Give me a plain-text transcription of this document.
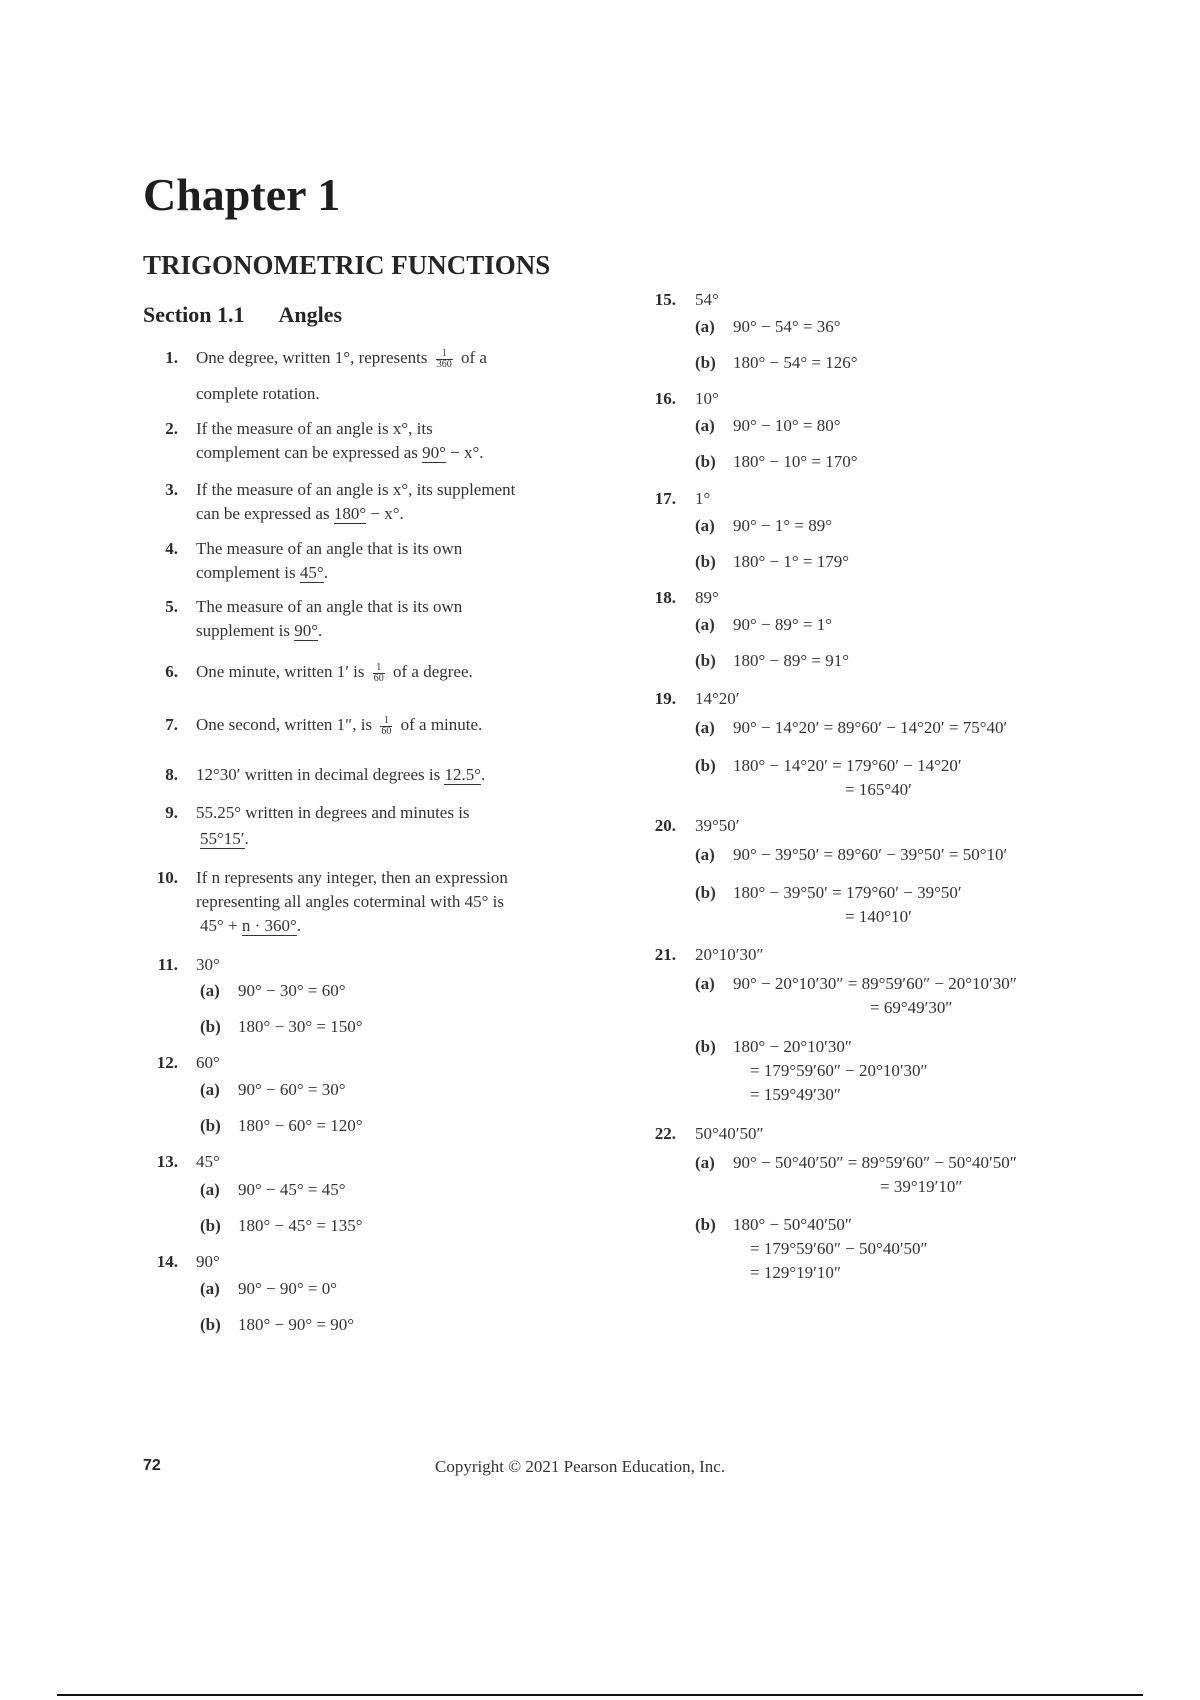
Chapter 1
TRIGONOMETRIC FUNCTIONS
Section 1.1 Angles
1. One degree, written 1°, represents $\frac{1}{360}$ of a
complete rotation.
2. If the measure of an angle is x°, its
complement can be expressed as 90° − x°.
3. If the measure of an angle is x°, its supplement
can be expressed as 180° − x°.
4. The measure of an angle that is its own
complement is 45°.
5. The measure of an angle that is its own
supplement is 90°.
6. One minute, written 1′ is $\frac{1}{60}$ of a degree.
7. One second, written 1″, is $\frac{1}{60}$ of a minute.
8. 12°30′ written in decimal degrees is 12.5°.
9. 55.25° written in degrees and minutes is
55°15′.
10. If n represents any integer, then an expression
representing all angles coterminal with 45° is
45° + n · 360°.
11. 30°
(a) 90° − 30° = 60°
(b) 180° − 30° = 150°
12. 60°
(a) 90° − 60° = 30°
(b) 180° − 60° = 120°
13. 45°
(a) 90° − 45° = 45°
(b) 180° − 45° = 135°
14. 90°
(a) 90° − 90° = 0°
(b) 180° − 90° = 90°
15. 54°
(a) 90° − 54° = 36°
(b) 180° − 54° = 126°
16. 10°
(a) 90° − 10° = 80°
(b) 180° − 10° = 170°
17. 1°
(a) 90° − 1° = 89°
(b) 180° − 1° = 179°
18. 89°
(a) 90° − 89° = 1°
(b) 180° − 89° = 91°
19. 14°20′
(a) 90° − 14°20′ = 89°60′ − 14°20′ = 75°40′
(b) 180° − 14°20′ = 179°60′ − 14°20′
= 165°40′
20. 39°50′
(a) 90° − 39°50′ = 89°60′ − 39°50′ = 50°10′
(b) 180° − 39°50′ = 179°60′ − 39°50′
= 140°10′
21. 20°10′30″
(a) 90° − 20°10′30″ = 89°59′60″ − 20°10′30″
= 69°49′30″
(b) 180° − 20°10′30″
= 179°59′60″ − 20°10′30″
= 159°49′30″
22. 50°40′50″
(a) 90° − 50°40′50″ = 89°59′60″ − 50°40′50″
= 39°19′10″
(b) 180° − 50°40′50″
= 179°59′60″ − 50°40′50″
= 129°19′10″
72	Copyright © 2021 Pearson Education, Inc.
